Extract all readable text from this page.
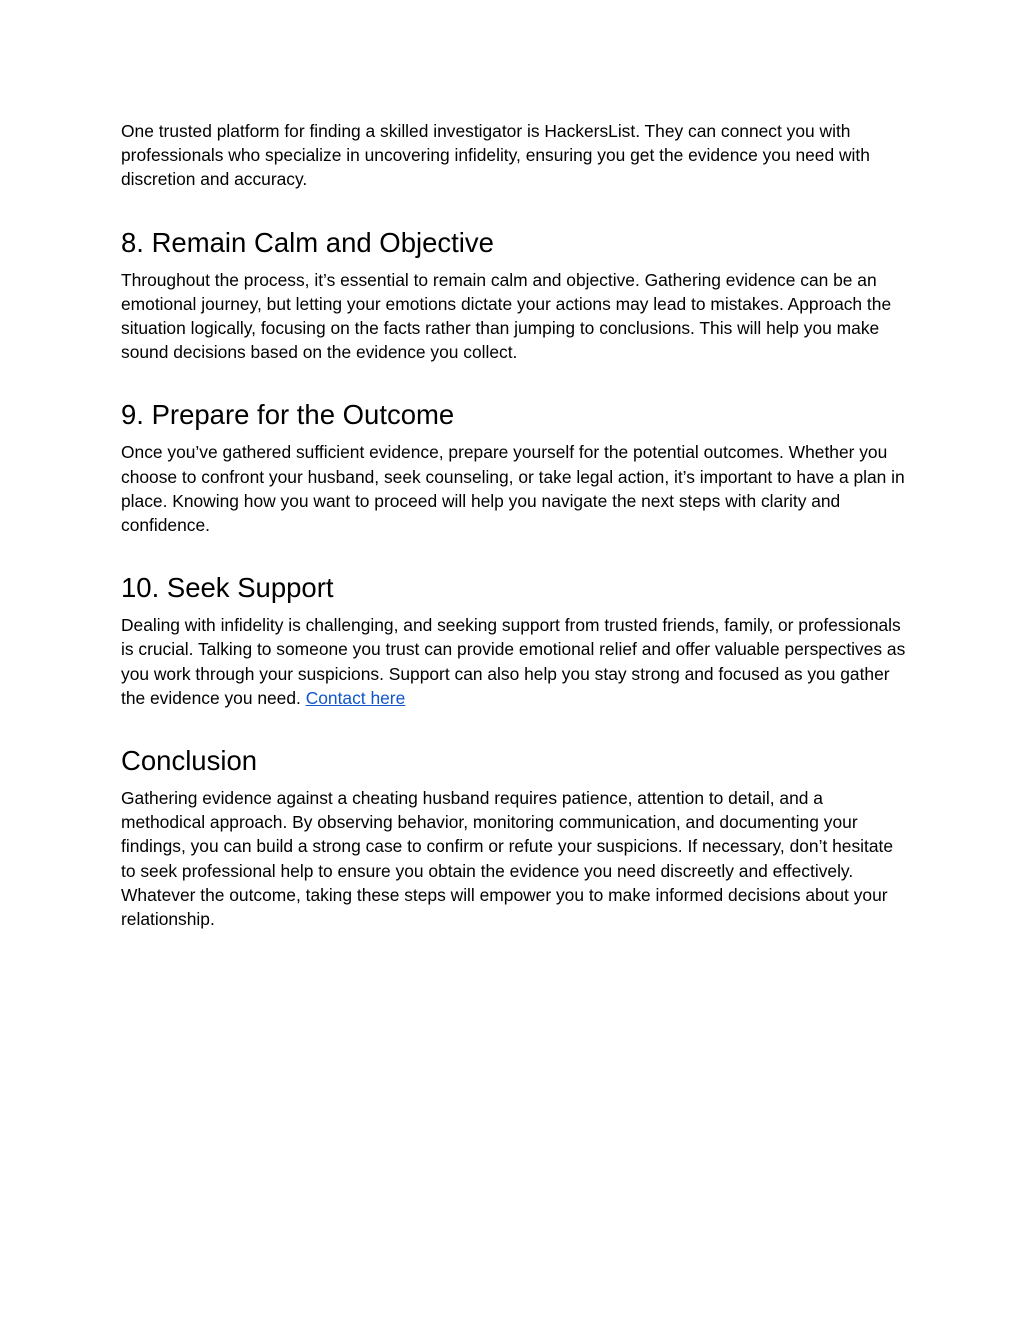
One trusted platform for finding a skilled investigator is HackersList. They can connect you with professionals who specialize in uncovering infidelity, ensuring you get the evidence you need with discretion and accuracy.

8. Remain Calm and Objective

Throughout the process, it’s essential to remain calm and objective. Gathering evidence can be an emotional journey, but letting your emotions dictate your actions may lead to mistakes. Approach the situation logically, focusing on the facts rather than jumping to conclusions. This will help you make sound decisions based on the evidence you collect.

9. Prepare for the Outcome

Once you’ve gathered sufficient evidence, prepare yourself for the potential outcomes. Whether you choose to confront your husband, seek counseling, or take legal action, it’s important to have a plan in place. Knowing how you want to proceed will help you navigate the next steps with clarity and confidence.

10. Seek Support

Dealing with infidelity is challenging, and seeking support from trusted friends, family, or professionals is crucial. Talking to someone you trust can provide emotional relief and offer valuable perspectives as you work through your suspicions. Support can also help you stay strong and focused as you gather the evidence you need. Contact here

Conclusion

Gathering evidence against a cheating husband requires patience, attention to detail, and a methodical approach. By observing behavior, monitoring communication, and documenting your findings, you can build a strong case to confirm or refute your suspicions. If necessary, don’t hesitate to seek professional help to ensure you obtain the evidence you need discreetly and effectively. Whatever the outcome, taking these steps will empower you to make informed decisions about your relationship.
